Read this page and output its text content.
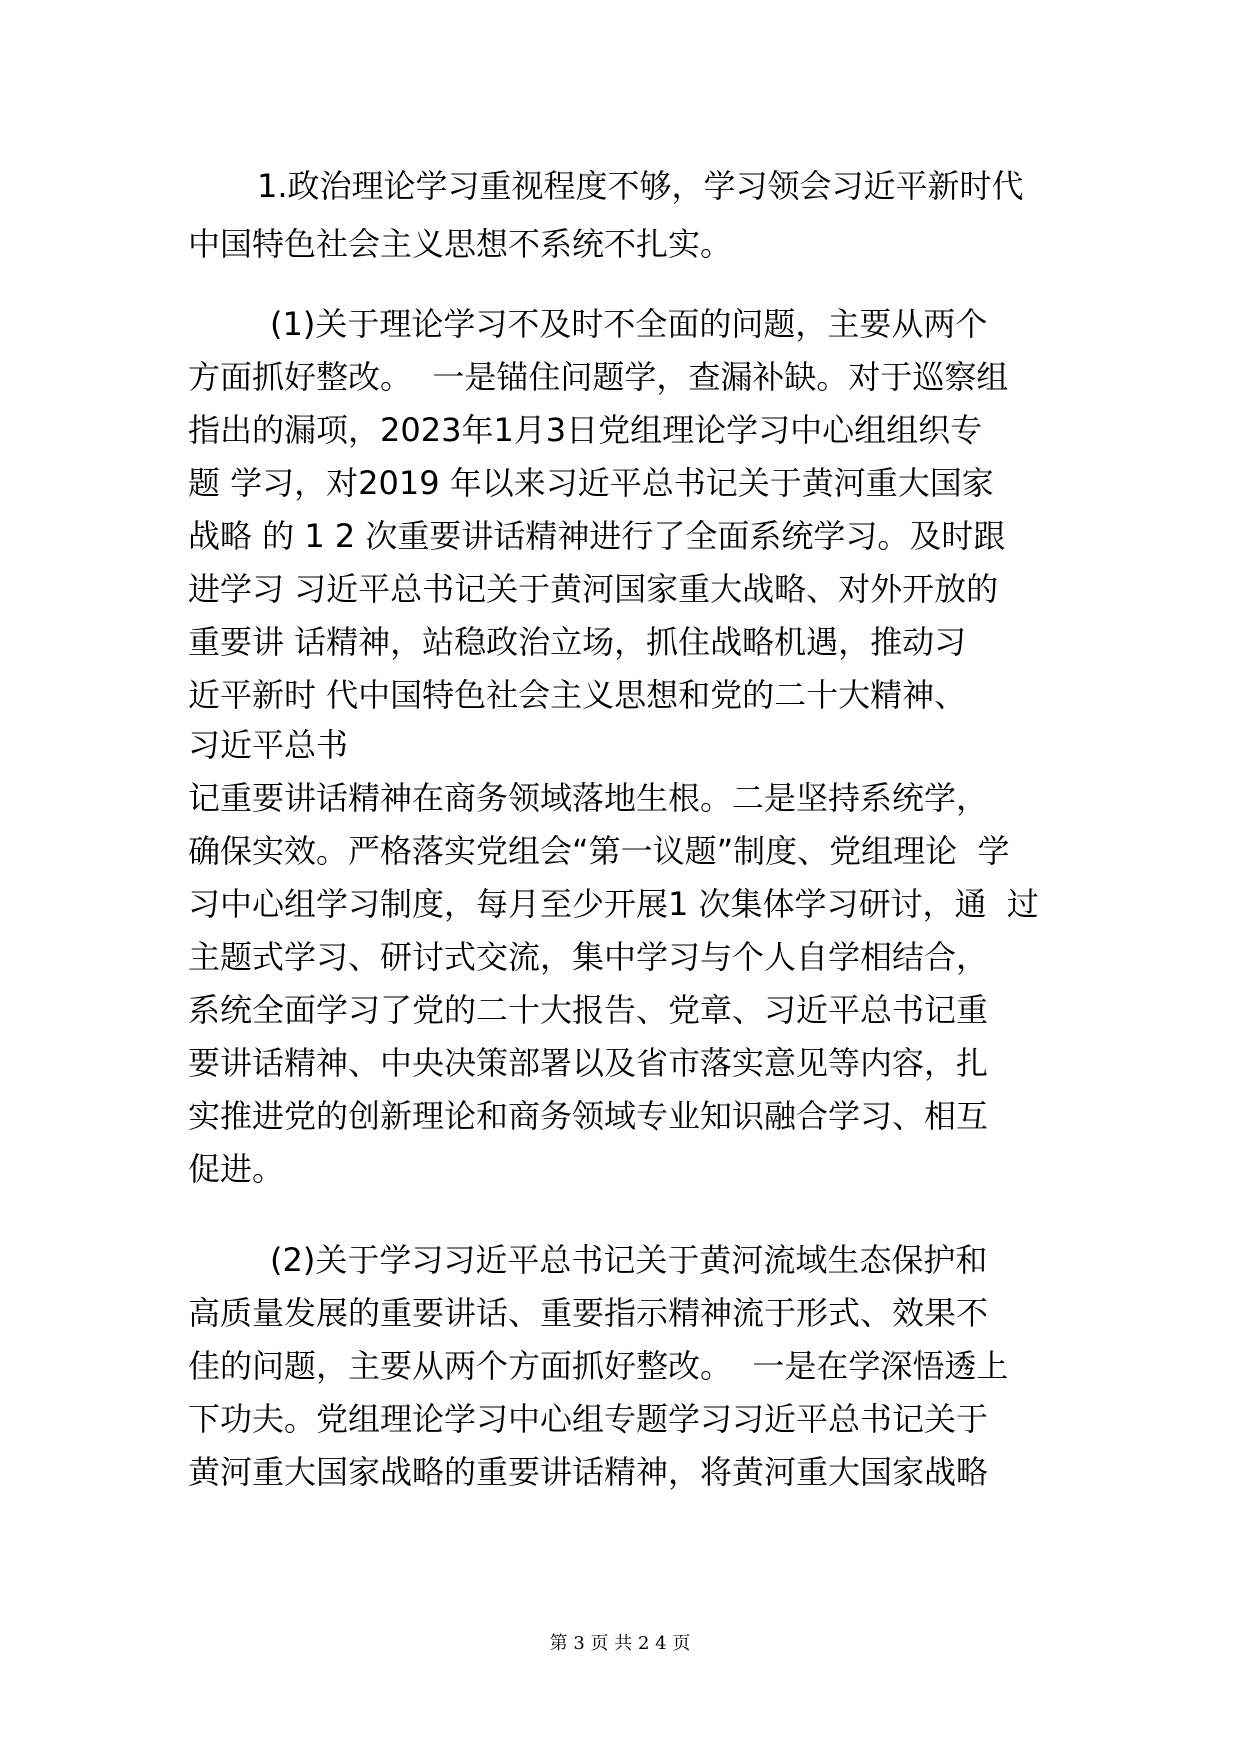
1.政治理论学习重视程度不够，学习领会习近平新时代
中国特色社会主义思想不系统不扎实。
(1)关于理论学习不及时不全面的问题，主要从两个
方面抓好整改。  一是锚住问题学，查漏补缺。对于巡察组
指出的漏项，2023年1月3日党组理论学习中心组组织专
题 学习，对2019 年以来习近平总书记关于黄河重大国家
战略 的 1 2 次重要讲话精神进行了全面系统学习。及时跟
进学习 习近平总书记关于黄河国家重大战略、对外开放的
重要讲 话精神，站稳政治立场，抓住战略机遇，推动习
近平新时 代中国特色社会主义思想和党的二十大精神、
习近平总书
记重要讲话精神在商务领域落地生根。二是坚持系统学，
确保实效。严格落实党组会“第一议题”制度、党组理论  学
习中心组学习制度，每月至少开展1 次集体学习研讨，通  过
主题式学习、研讨式交流，集中学习与个人自学相结合，
系统全面学习了党的二十大报告、党章、习近平总书记重
要讲话精神、中央决策部署以及省市落实意见等内容，扎
实推进党的创新理论和商务领域专业知识融合学习、相互
促进。
(2)关于学习习近平总书记关于黄河流域生态保护和
高质量发展的重要讲话、重要指示精神流于形式、效果不
佳的问题，主要从两个方面抓好整改。  一是在学深悟透上
下功夫。党组理论学习中心组专题学习习近平总书记关于
黄河重大国家战略的重要讲话精神，将黄河重大国家战略
第 3 页 共 2 4 页
